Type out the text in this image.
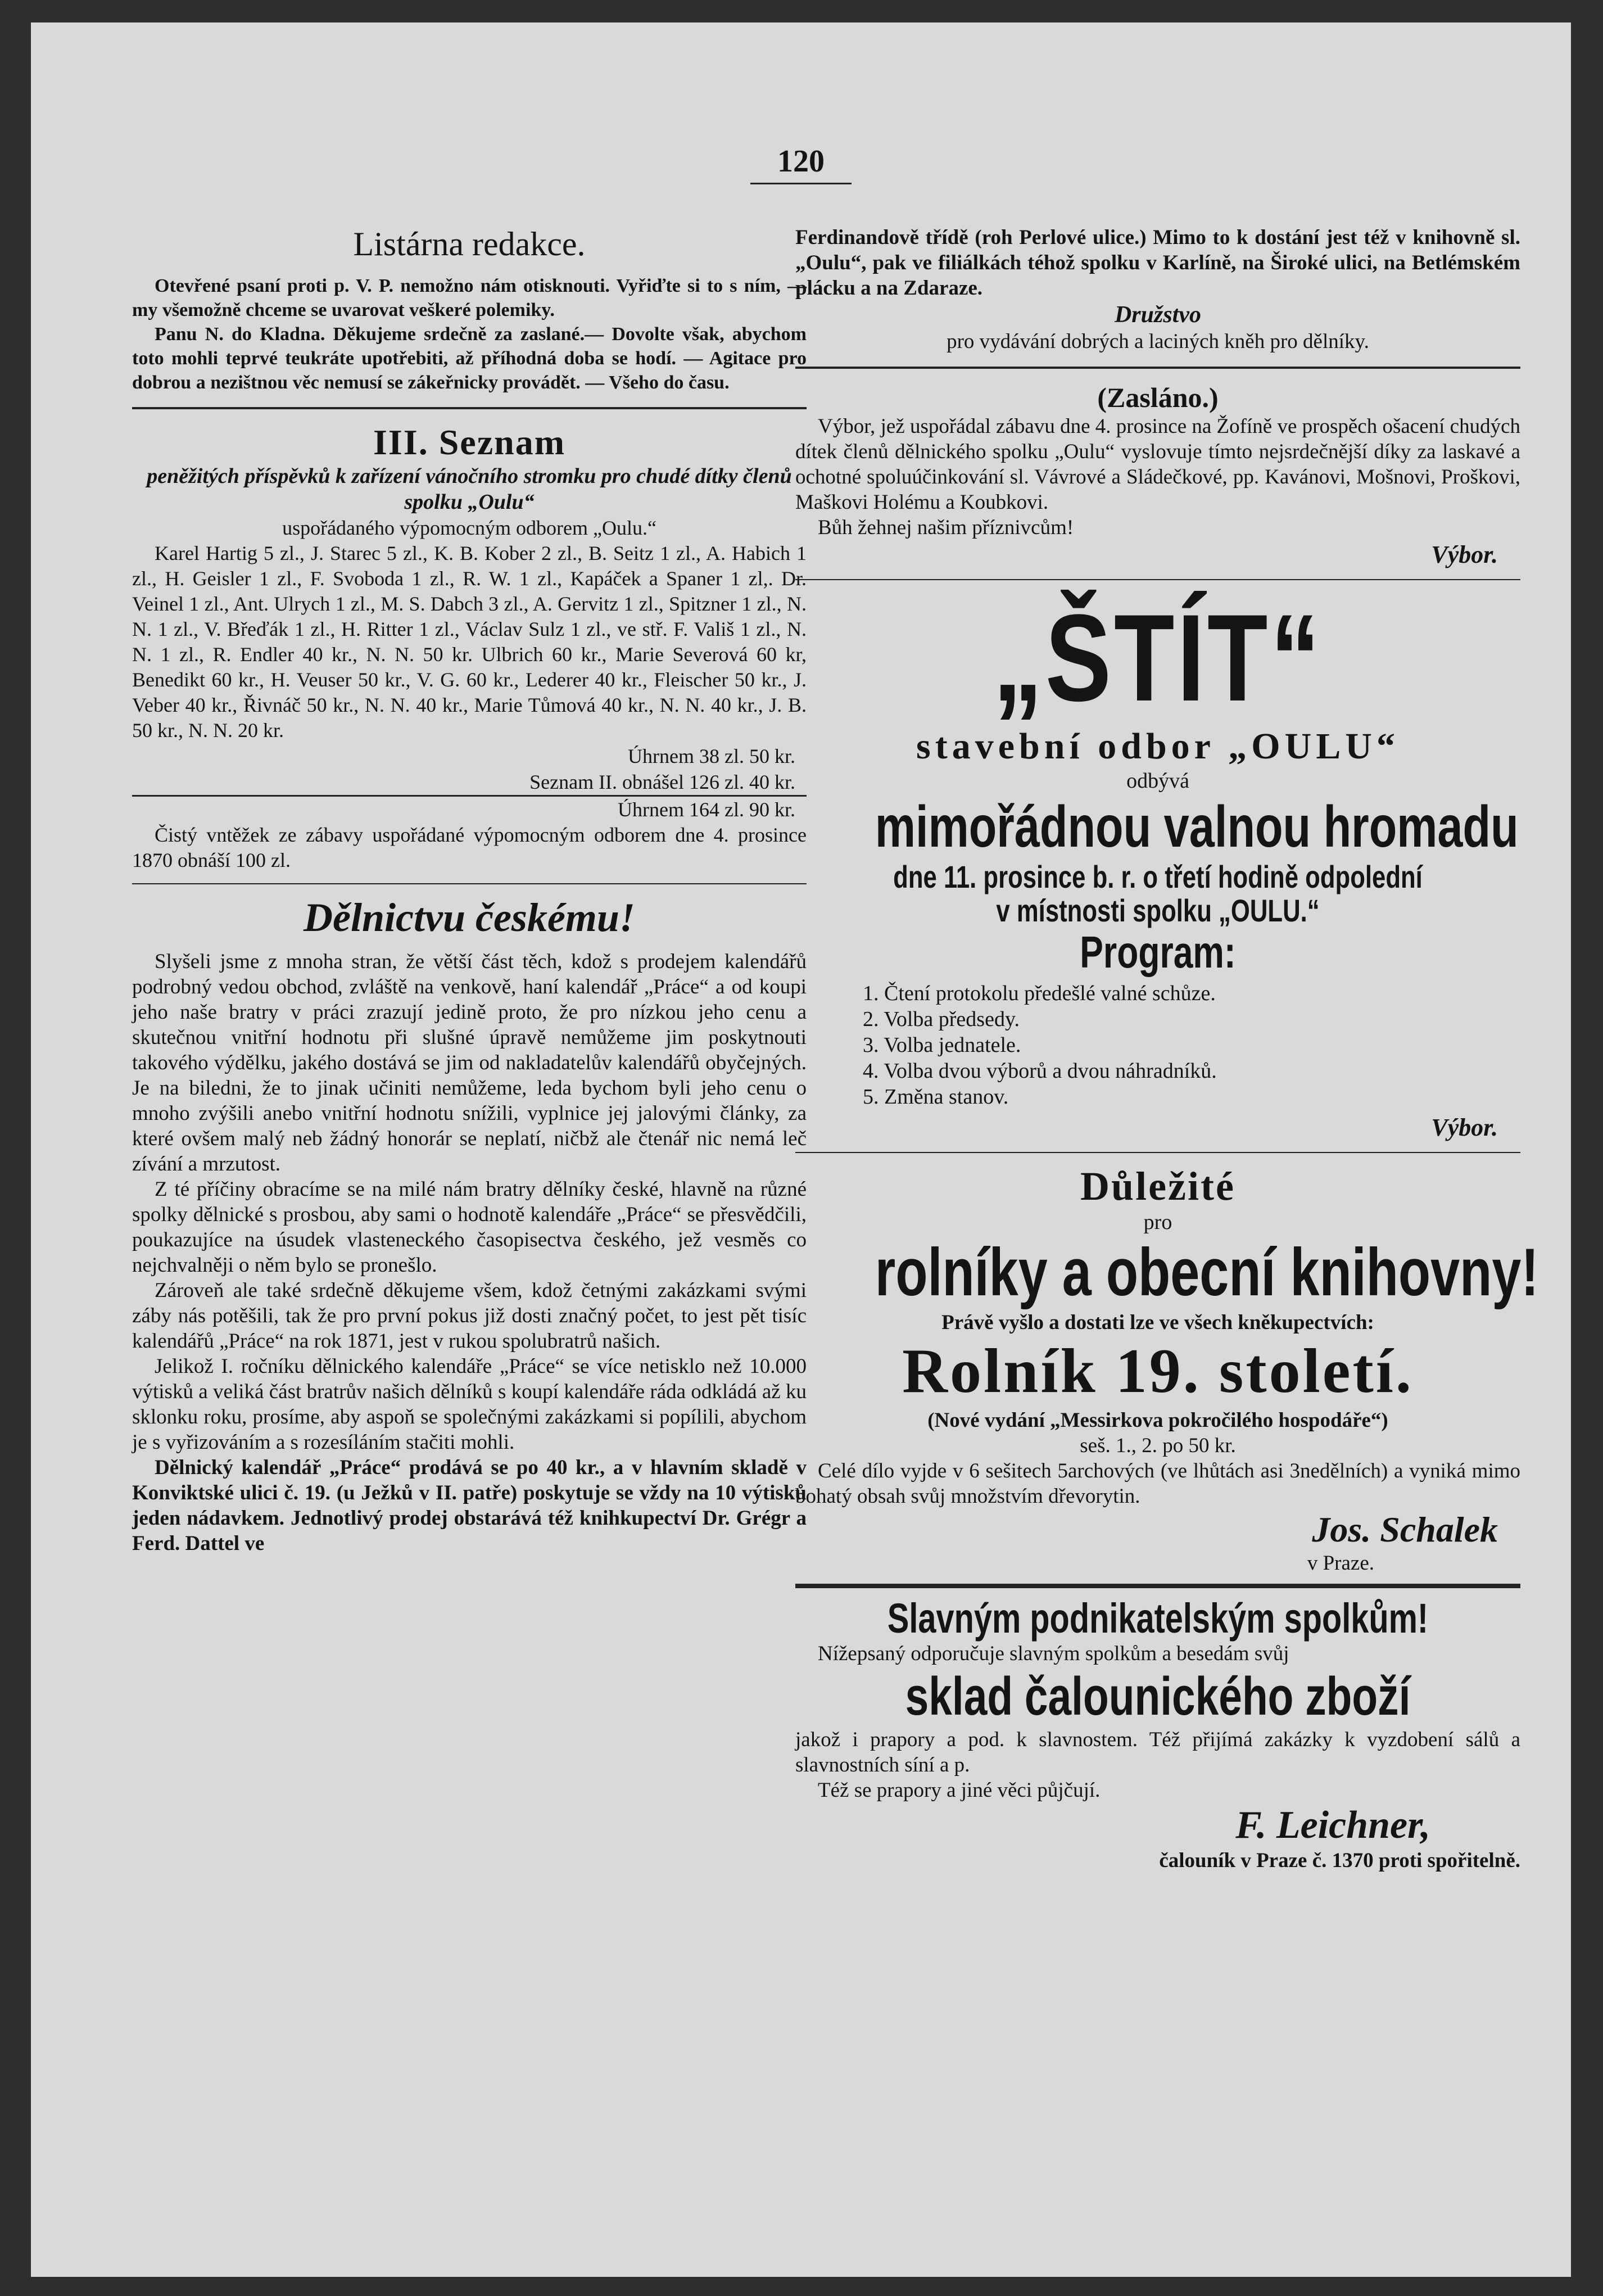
120

Listárna redakce.

Otevřené psaní proti p. V. P. nemožno nám otisknouti. Vyřiďte si to s ním, — my všemožně chceme se uvarovat veškeré polemiky.

Panu N. do Kladna. Děkujeme srdečně za zaslané.— Dovolte však, abychom toto mohli teprvé teukráte upotřebiti, až příhodná doba se hodí. — Agitace pro dobrou a nezištnou věc nemusí se zákeřnicky provádět. — Všeho do času.

III. Seznam

peněžitých příspěvků k zařízení vánočního stromku pro chudé dítky členů spolku „Oulu“

uspořádaného výpomocným odborem „Oulu.“

Karel Hartig 5 zl., J. Starec 5 zl., K. B. Kober 2 zl., B. Seitz 1 zl., A. Habich 1 zl., H. Geisler 1 zl., F. Svoboda 1 zl., R. W. 1 zl., Kapáček a Spaner 1 zl,. Dr. Veinel 1 zl., Ant. Ulrych 1 zl., M. S. Dabch 3 zl., A. Gervitz 1 zl., Spitzner 1 zl., N. N. 1 zl., V. Břeďák 1 zl., H. Ritter 1 zl., Václav Sulz 1 zl., ve stř. F. Vališ 1 zl., N. N. 1 zl., R. Endler 40 kr., N. N. 50 kr. Ulbrich 60 kr., Marie Severová 60 kr, Benedikt 60 kr., H. Veuser 50 kr., V. G. 60 kr., Lederer 40 kr., Fleischer 50 kr., J. Veber 40 kr., Řivnáč 50 kr., N. N. 40 kr., Marie Tůmová 40 kr., N. N. 40 kr., J. B. 50 kr., N. N. 20 kr.

Úhrnem 38 zl. 50 kr.

Seznam II. obnášel 126 zl. 40 kr.

Úhrnem 164 zl. 90 kr.

Čistý vntěžek ze zábavy uspořádané výpomocným odborem dne 4. prosince 1870 obnáší 100 zl.

Dělnictvu českému!

Slyšeli jsme z mnoha stran, že větší část těch, kdož s prodejem kalendářů podrobný vedou obchod, zvláště na venkově, haní kalendář „Práce“ a od koupi jeho naše bratry v práci zrazují jedině proto, že pro nízkou jeho cenu a skutečnou vnitřní hodnotu při slušné úpravě nemůžeme jim poskytnouti takového výdělku, jakého dostává se jim od nakladatelův kalendářů obyčejných. Je na biledni, že to jinak učiniti nemůžeme, leda bychom byli jeho cenu o mnoho zvýšili anebo vnitřní hodnotu snížili, vyplnice jej jalovými články, za které ovšem malý neb žádný honorár se neplatí, ničbž ale čtenář nic nemá leč zívání a mrzutost.

Z té příčiny obracíme se na milé nám bratry dělníky české, hlavně na různé spolky dělnické s prosbou, aby sami o hodnotě kalendáře „Práce“ se přesvědčili, poukazujíce na úsudek vlasteneckého časopisectva českého, jež vesměs co nejchvalněji o něm bylo se pronešlo.

Zároveň ale také srdečně děkujeme všem, kdož četnými zakázkami svými záby nás potěšili, tak že pro první pokus již dosti značný počet, to jest pět tisíc kalendářů „Práce“ na rok 1871, jest v rukou spolubratrů našich.

Jelikož I. ročníku dělnického kalendáře „Práce“ se více netisklo než 10.000 výtisků a veliká část bratrův našich dělníků s koupí kalendáře ráda odkládá až ku sklonku roku, prosíme, aby aspoň se společnými zakázkami si popílili, abychom je s vyřizováním a s rozesíláním stačiti mohli.

Dělnický kalendář „Práce“ prodává se po 40 kr., a v hlavním skladě v Konviktské ulici č. 19. (u Ježků v II. patře) poskytuje se vždy na 10 výtisků jeden nádavkem. Jednotlivý prodej obstarává též knihkupectví Dr. Grégr a Ferd. Dattel ve

Ferdinandově třídě (roh Perlové ulice.) Mimo to k dostání jest též v knihovně sl. „Oulu“, pak ve filiálkách téhož spolku v Karlíně, na Široké ulici, na Betlémském plácku a na Zdaraze.

Družstvo

pro vydávání dobrých a laciných kněh pro dělníky.

(Zasláno.)

Výbor, jež uspořádal zábavu dne 4. prosince na Žofíně ve prospěch ošacení chudých dítek členů dělnického spolku „Oulu“ vyslovuje tímto nejsrdečnější díky za laskavé a ochotné spoluúčinkování sl. Vávrové a Sládečkové, pp. Kavánovi, Mošnovi, Proškovi, Maškovi Holému a Koubkovi.

Bůh žehnej našim příznivcům!

Výbor.

„ŠTÍT“

stavební odbor „OULU“

odbývá

mimořádnou valnou hromadu

dne 11. prosince b. r. o třetí hodině odpolední

v místnosti spolku „OULU.“

Program:

1. Čtení protokolu předešlé valné schůze.
2. Volba předsedy.
3. Volba jednatele.
4. Volba dvou výborů a dvou náhradníků.
5. Změna stanov.

Výbor.

Důležité

pro

rolníky a obecní knihovny!

Právě vyšlo a dostati lze ve všech kněkupectvích:

Rolník 19. století.

(Nové vydání „Messirkova pokročilého hospodáře“)

seš. 1., 2. po 50 kr.

Celé dílo vyjde v 6 sešitech 5archových (ve lhůtách asi 3nedělních) a vyniká mimo bohatý obsah svůj množstvím dřevorytin.

Jos. Schalek

v Praze.

Slavným podnikatelským spolkům!

Nížepsaný odporučuje slavným spolkům a besedám svůj

sklad čalounického zboží

jakož i prapory a pod. k slavnostem. Též přijímá zakázky k vyzdobení sálů a slavnostních síní a p.

Též se prapory a jiné věci půjčují.

F. Leichner,

čalouník v Praze č. 1370 proti spořitelně.
